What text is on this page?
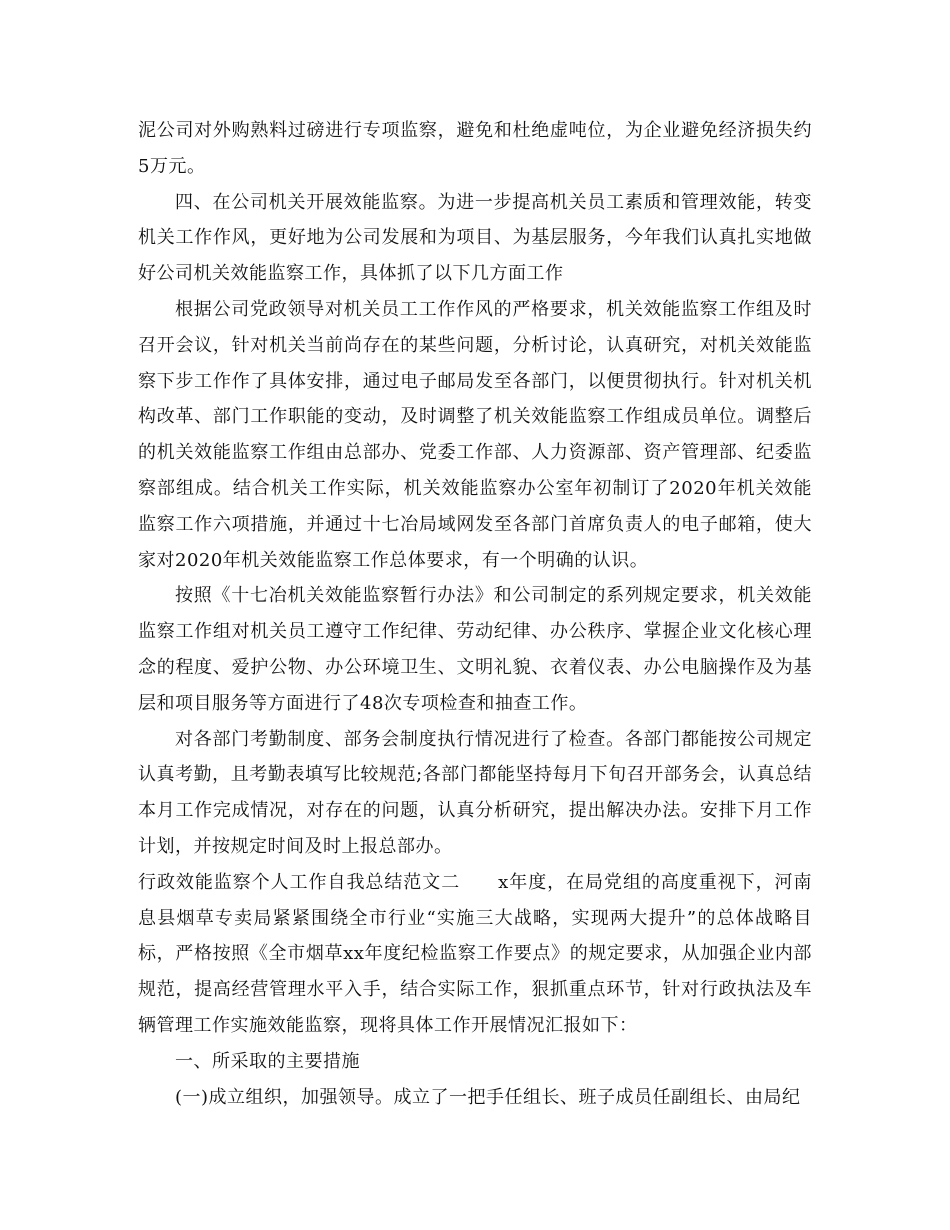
泥公司对外购熟料过磅进行专项监察，避免和杜绝虚吨位，为企业避免经济损失约5万元。

四、在公司机关开展效能监察。为进一步提高机关员工素质和管理效能，转变机关工作作风，更好地为公司发展和为项目、为基层服务，今年我们认真扎实地做好公司机关效能监察工作，具体抓了以下几方面工作

根据公司党政领导对机关员工工作作风的严格要求，机关效能监察工作组及时召开会议，针对机关当前尚存在的某些问题，分析讨论，认真研究，对机关效能监察下步工作作了具体安排，通过电子邮局发至各部门，以便贯彻执行。针对机关机构改革、部门工作职能的变动，及时调整了机关效能监察工作组成员单位。调整后的机关效能监察工作组由总部办、党委工作部、人力资源部、资产管理部、纪委监察部组成。结合机关工作实际，机关效能监察办公室年初制订了2020年机关效能监察工作六项措施，并通过十七冶局域网发至各部门首席负责人的电子邮箱，使大家对2020年机关效能监察工作总体要求，有一个明确的认识。

按照《十七冶机关效能监察暂行办法》和公司制定的系列规定要求，机关效能监察工作组对机关员工遵守工作纪律、劳动纪律、办公秩序、掌握企业文化核心理念的程度、爱护公物、办公环境卫生、文明礼貌、衣着仪表、办公电脑操作及为基层和项目服务等方面进行了48次专项检查和抽查工作。

对各部门考勤制度、部务会制度执行情况进行了检查。各部门都能按公司规定认真考勤，且考勤表填写比较规范;各部门都能坚持每月下旬召开部务会，认真总结本月工作完成情况，对存在的问题，认真分析研究，提出解决办法。安排下月工作计划，并按规定时间及时上报总部办。

行政效能监察个人工作自我总结范文二 x年度，在局党组的高度重视下，河南息县烟草专卖局紧紧围绕全市行业“实施三大战略，实现两大提升”的总体战略目标，严格按照《全市烟草xx年度纪检监察工作要点》的规定要求，从加强企业内部规范，提高经营管理水平入手，结合实际工作，狠抓重点环节，针对行政执法及车辆管理工作实施效能监察，现将具体工作开展情况汇报如下：

一、所采取的主要措施

(一)成立组织，加强领导。成立了一把手任组长、班子成员任副组长、由局纪
